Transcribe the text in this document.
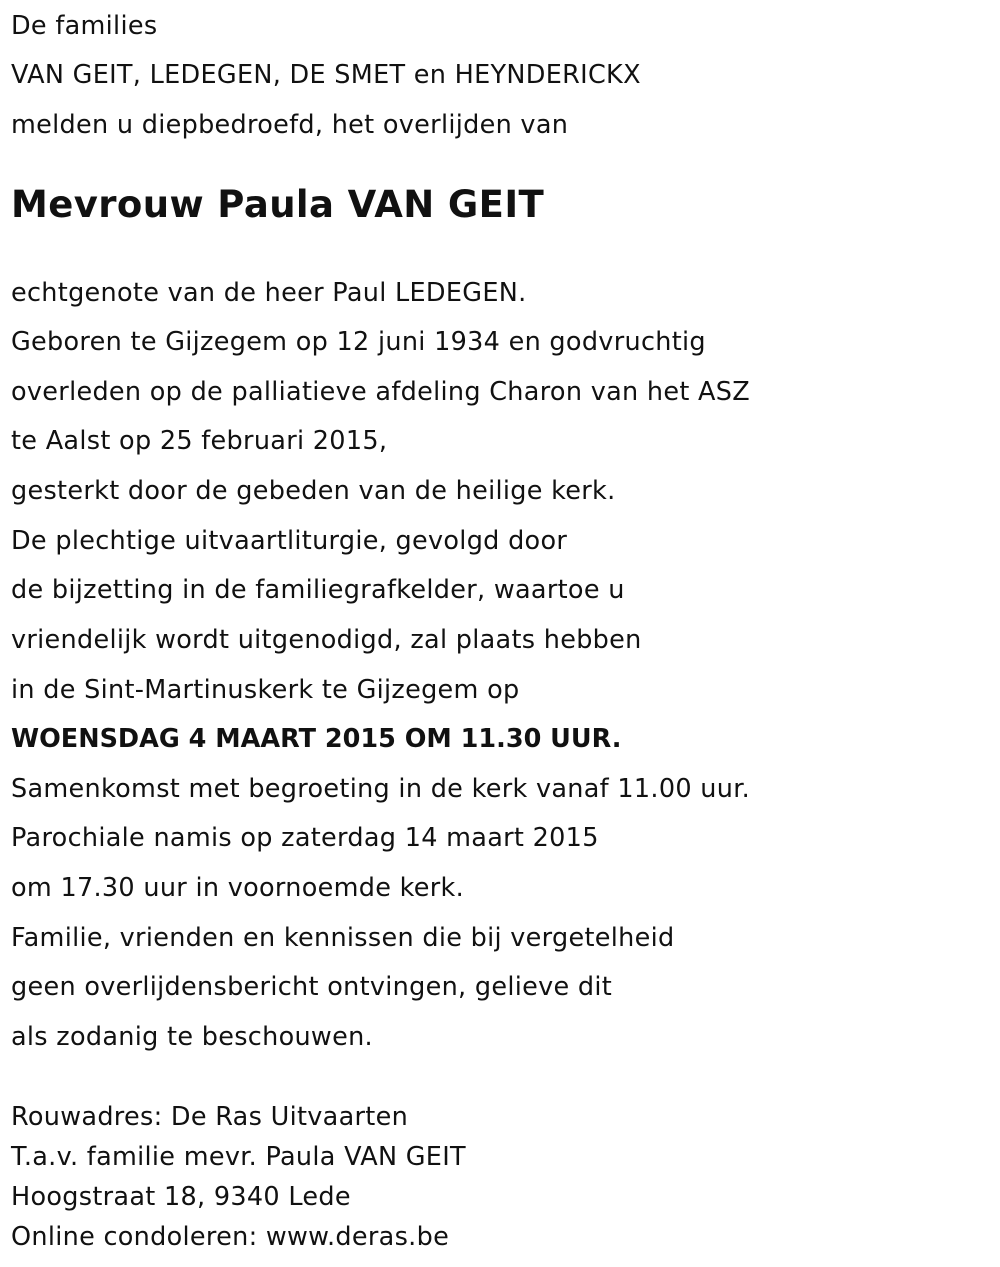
De families
VAN GEIT, LEDEGEN, DE SMET en HEYNDERICKX
melden u diepbedroefd, het overlijden van
Mevrouw Paula VAN GEIT
echtgenote van de heer Paul LEDEGEN.
Geboren te Gijzegem op 12 juni 1934 en godvruchtig
overleden op de palliatieve afdeling Charon van het ASZ
te Aalst op 25 februari 2015,
gesterkt door de gebeden van de heilige kerk.
De plechtige uitvaartliturgie, gevolgd door
de bijzetting in de familiegrafkelder, waartoe u
vriendelijk wordt uitgenodigd, zal plaats hebben
in de Sint-Martinuskerk te Gijzegem op
WOENSDAG 4 MAART 2015 OM 11.30 UUR.
Samenkomst met begroeting in de kerk vanaf 11.00 uur.
Parochiale namis op zaterdag 14 maart 2015
om 17.30 uur in voornoemde kerk.
Familie, vrienden en kennissen die bij vergetelheid
geen overlijdensbericht ontvingen, gelieve dit
als zodanig te beschouwen.
Rouwadres: De Ras Uitvaarten
T.a.v. familie mevr. Paula VAN GEIT
Hoogstraat 18, 9340 Lede
Online condoleren: www.deras.be
